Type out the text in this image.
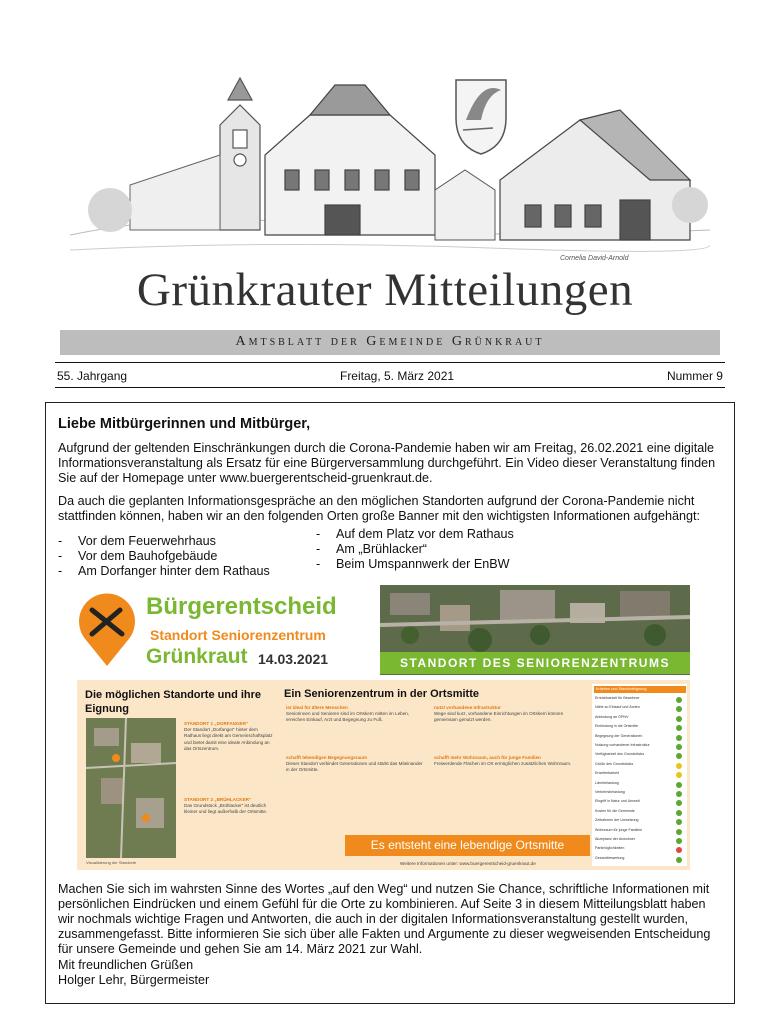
Cornelia David-Arnold
Grünkrauter Mitteilungen
Amtsblatt der Gemeinde Grünkraut
55. Jahrgang	Freitag, 5. März 2021	Nummer 9
Liebe Mitbürgerinnen und Mitbürger,
Aufgrund der geltenden Einschränkungen durch die Corona-Pandemie haben wir am Freitag, 26.02.2021 eine digitale Informationsveranstaltung als Ersatz für eine Bürgerversammlung durchgeführt. Ein Video dieser Veranstaltung finden Sie auf der Homepage unter www.buergerentscheid-gruenkraut.de.
Da auch die geplanten Informationsgespräche an den möglichen Standorten aufgrund der Corona-Pandemie nicht stattfinden können, haben wir an den folgenden Orten große Banner mit den wichtigsten Informationen aufgehängt:
- Vor dem Feuerwehrhaus
- Vor dem Bauhofgebäude
- Am Dorfanger hinter dem Rathaus
- Auf dem Platz vor dem Rathaus
- Am „Brühlacker“
- Beim Umspannwerk der EnBW
Bürgerentscheid
Standort Seniorenzentrum
Grünkraut 14.03.2021	STANDORT DES SENIORENZENTRUMS
Die möglichen Standorte und ihre Eignung
STANDORT 1 „DORFANGER“
Der Standort „Dorfanger“ hinter dem Rathaus liegt direkt am Gemeinschaftsplatz und bietet damit eine ideale Anbindung an das Ortszentrum.
STANDORT 2 „BRÜHLACKER“
Das Grundstück „Brühlacker“ ist deutlich kleiner und liegt außerhalb der Ortsmitte.
Visualisierung der Standorte
Ein Seniorenzentrum in der Ortsmitte
ist ideal für ältere Menschen
Seniorinnen und Senioren sind im Ortskern mitten im Leben, erreichen Einkauf, Arzt und Begegnung zu Fuß.
schafft lebendigen Begegnungsraum
Dieser Standort verbindet Generationen und stärkt das Miteinander in der Ortsmitte.
nutzt vorhandene Infrastruktur
Wege sind kurz, vorhandene Einrichtungen im Ortskern können gemeinsam genutzt werden.
schafft mehr Wohnraum, auch für junge Familien
Freiwerdende Flächen im Ort ermöglichen zusätzlichen Wohnraum.
Es entsteht eine lebendige Ortsmitte
Weitere Informationen unter: www.buergerentscheid-gruenkraut.de
Kriterien und Standorteignung
Erreichbarkeit für Bewohner
Nähe zu Einkauf und Ärzten
Anbindung an ÖPNV
Einbindung in die Ortsmitte
Begegnung der Generationen
Nutzung vorhandener Infrastruktur
Verfügbarkeit des Grundstücks
Größe des Grundstücks
Erweiterbarkeit
Lärmbelastung
Verkehrsbelastung
Eingriff in Natur und Umwelt
Kosten für die Gemeinde
Zeitrahmen der Umsetzung
Wohnraum für junge Familien
Akzeptanz der Anwohner
Parkmöglichkeiten
Gesamtbewertung
Machen Sie sich im wahrsten Sinne des Wortes „auf den Weg“ und nutzen Sie Chance, schriftliche Informationen mit persönlichen Eindrücken und einem Gefühl für die Orte zu kombinieren. Auf Seite 3 in diesem Mitteilungsblatt haben wir nochmals wichtige Fragen und Antworten, die auch in der digitalen Informationsveranstaltung gestellt wurden, zusammengefasst. Bitte informieren Sie sich über alle Fakten und Argumente zu dieser wegweisenden Entscheidung für unsere Gemeinde und gehen Sie am 14. März 2021 zur Wahl.
Mit freundlichen Grüßen
Holger Lehr, Bürgermeister
